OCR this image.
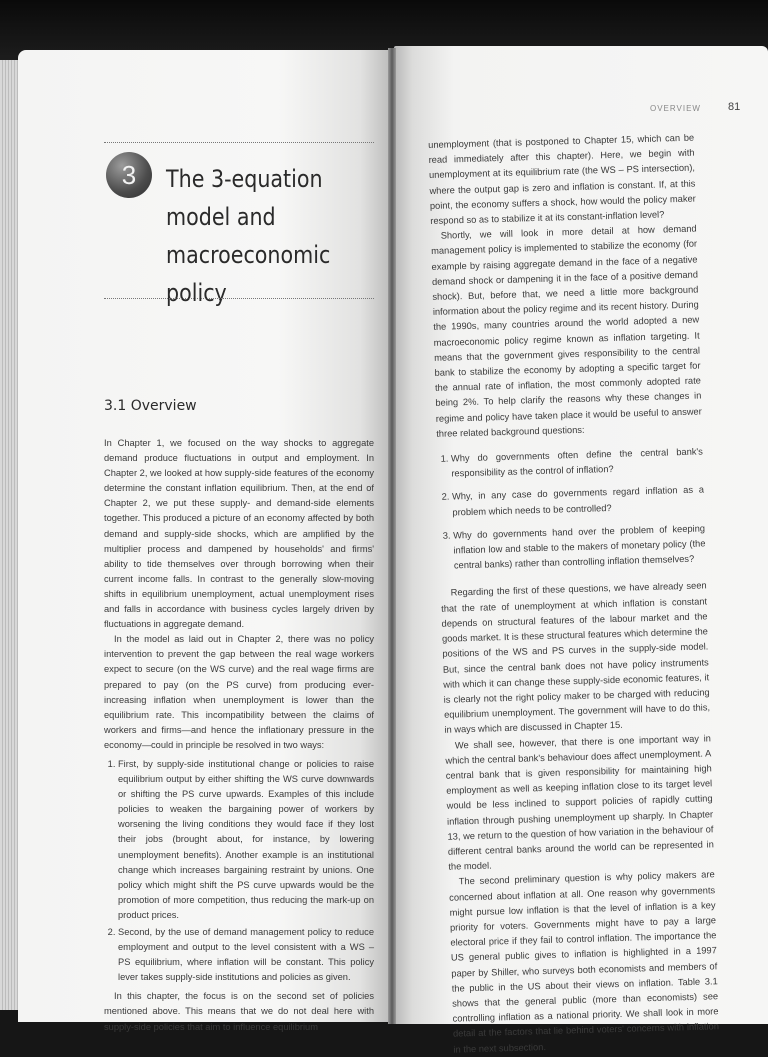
3	The 3-equation model and macroeconomic policy
3.1 Overview

In Chapter 1, we focused on the way shocks to aggregate demand produce fluctuations in output and employment. In Chapter 2, we looked at how supply-side features of the economy determine the constant inflation equilibrium. Then, at the end of Chapter 2, we put these supply- and demand-side elements together. This produced a picture of an economy affected by both demand and supply-side shocks, which are amplified by the multiplier process and dampened by households' and firms' ability to tide themselves over through borrowing when their current income falls. In contrast to the generally slow-moving shifts in equilibrium unemployment, actual unemployment rises and falls in accordance with business cycles largely driven by fluctuations in aggregate demand.

In the model as laid out in Chapter 2, there was no policy intervention to prevent the gap between the real wage workers expect to secure (on the WS curve) and the real wage firms are prepared to pay (on the PS curve) from producing ever-increasing inflation when unemployment is lower than the equilibrium rate. This incompatibility between the claims of workers and firms—and hence the inflationary pressure in the economy—could in principle be resolved in two ways:

1. First, by supply-side institutional change or policies to raise equilibrium output by either shifting the WS curve downwards or shifting the PS curve upwards. Examples of this include policies to weaken the bargaining power of workers by worsening the living conditions they would face if they lost their jobs (brought about, for instance, by lowering unemployment benefits). Another example is an institutional change which increases bargaining restraint by unions. One policy which might shift the PS curve upwards would be the promotion of more competition, thus reducing the mark-up on product prices.
2. Second, by the use of demand management policy to reduce employment and output to the level consistent with a WS – PS equilibrium, where inflation will be constant. This policy lever takes supply-side institutions and policies as given.

In this chapter, the focus is on the second set of policies mentioned above. This means that we do not deal here with supply-side policies that aim to influence equilibrium

OVERVIEW 81

unemployment (that is postponed to Chapter 15, which can be read immediately after this chapter). Here, we begin with unemployment at its equilibrium rate (the WS – PS intersection), where the output gap is zero and inflation is constant. If, at this point, the economy suffers a shock, how would the policy maker respond so as to stabilize it at its constant-inflation level?

Shortly, we will look in more detail at how demand management policy is implemented to stabilize the economy (for example by raising aggregate demand in the face of a negative demand shock or dampening it in the face of a positive demand shock). But, before that, we need a little more background information about the policy regime and its recent history. During the 1990s, many countries around the world adopted a new macroeconomic policy regime known as inflation targeting. It means that the government gives responsibility to the central bank to stabilize the economy by adopting a specific target for the annual rate of inflation, the most commonly adopted rate being 2%. To help clarify the reasons why these changes in regime and policy have taken place it would be useful to answer three related background questions:

1. Why do governments often define the central bank's responsibility as the control of inflation?
2. Why, in any case do governments regard inflation as a problem which needs to be controlled?
3. Why do governments hand over the problem of keeping inflation low and stable to the makers of monetary policy (the central banks) rather than controlling inflation themselves?

Regarding the first of these questions, we have already seen that the rate of unemployment at which inflation is constant depends on structural features of the labour market and the goods market. It is these structural features which determine the positions of the WS and PS curves in the supply-side model. But, since the central bank does not have policy instruments with which it can change these supply-side economic features, it is clearly not the right policy maker to be charged with reducing equilibrium unemployment. The government will have to do this, in ways which are discussed in Chapter 15.

We shall see, however, that there is one important way in which the central bank's behaviour does affect unemployment. A central bank that is given responsibility for maintaining high employment as well as keeping inflation close to its target level would be less inclined to support policies of rapidly cutting inflation through pushing unemployment up sharply. In Chapter 13, we return to the question of how variation in the behaviour of different central banks around the world can be represented in the model.

The second preliminary question is why policy makers are concerned about inflation at all. One reason why governments might pursue low inflation is that the level of inflation is a key priority for voters. Governments might have to pay a large electoral price if they fail to control inflation. The importance the US general public gives to inflation is highlighted in a 1997 paper by Shiller, who surveys both economists and members of the public in the US about their views on inflation. Table 3.1 shows that the general public (more than economists) see controlling inflation as a national priority. We shall look in more detail at the factors that lie behind voters' concerns with inflation in the next subsection.
